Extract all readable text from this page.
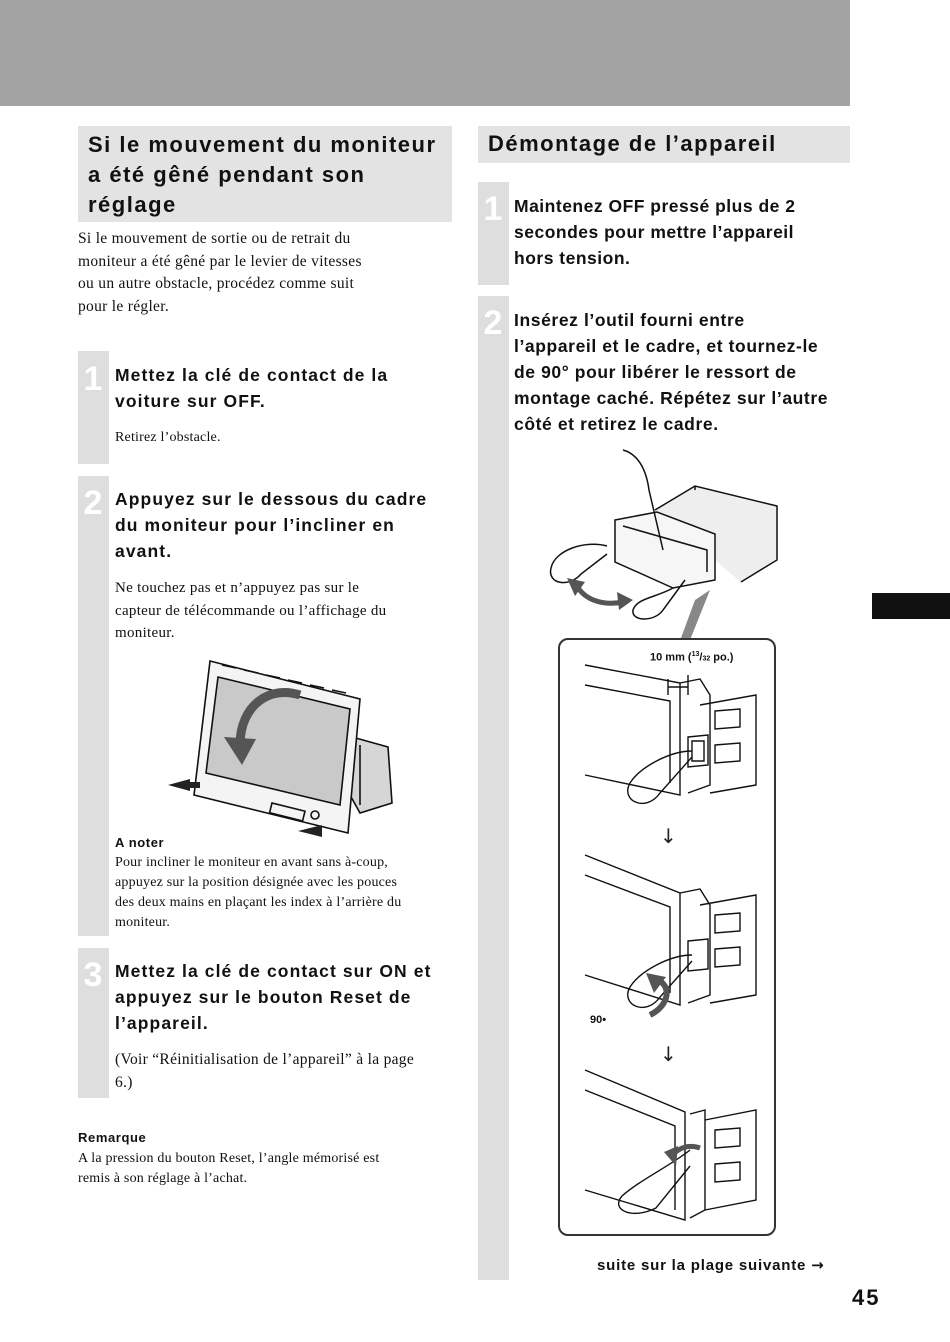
Si le mouvement du moniteur
a été gêné pendant son
réglage
Si le mouvement de sortie ou de retrait du
moniteur a été gêné par le levier de vitesses
ou un autre obstacle, procédez comme suit
pour le régler.
1 Mettez la clé de contact de la
voiture sur OFF.
Retirez l’obstacle.
2 Appuyez sur le dessous du cadre
du moniteur pour l’incliner en
avant.
Ne touchez pas et n’appuyez pas sur le
capteur de télécommande ou l’affichage du
moniteur.
A noter
Pour incliner le moniteur en avant sans à-coup,
appuyez sur la position désignée avec les pouces
des deux mains en plaçant les index à l’arrière du
moniteur.
3 Mettez la clé de contact sur ON et
appuyez sur le bouton Reset de
l’appareil.
(Voir “Réinitialisation de l’appareil” à la page
6.)
Remarque
A la pression du bouton Reset, l’angle mémorisé est
remis à son réglage à l’achat.
Démontage de l’appareil
1 Maintenez OFF pressé plus de 2
secondes pour mettre l’appareil
hors tension.
2 Insérez l’outil fourni entre
l’appareil et le cadre, et tournez-le
de 90° pour libérer le ressort de
montage caché. Répétez sur l’autre
côté et retirez le cadre.
10 mm ($^{13}$/32 po.)
↓
90•
↓
suite sur la plage suivante →
45
